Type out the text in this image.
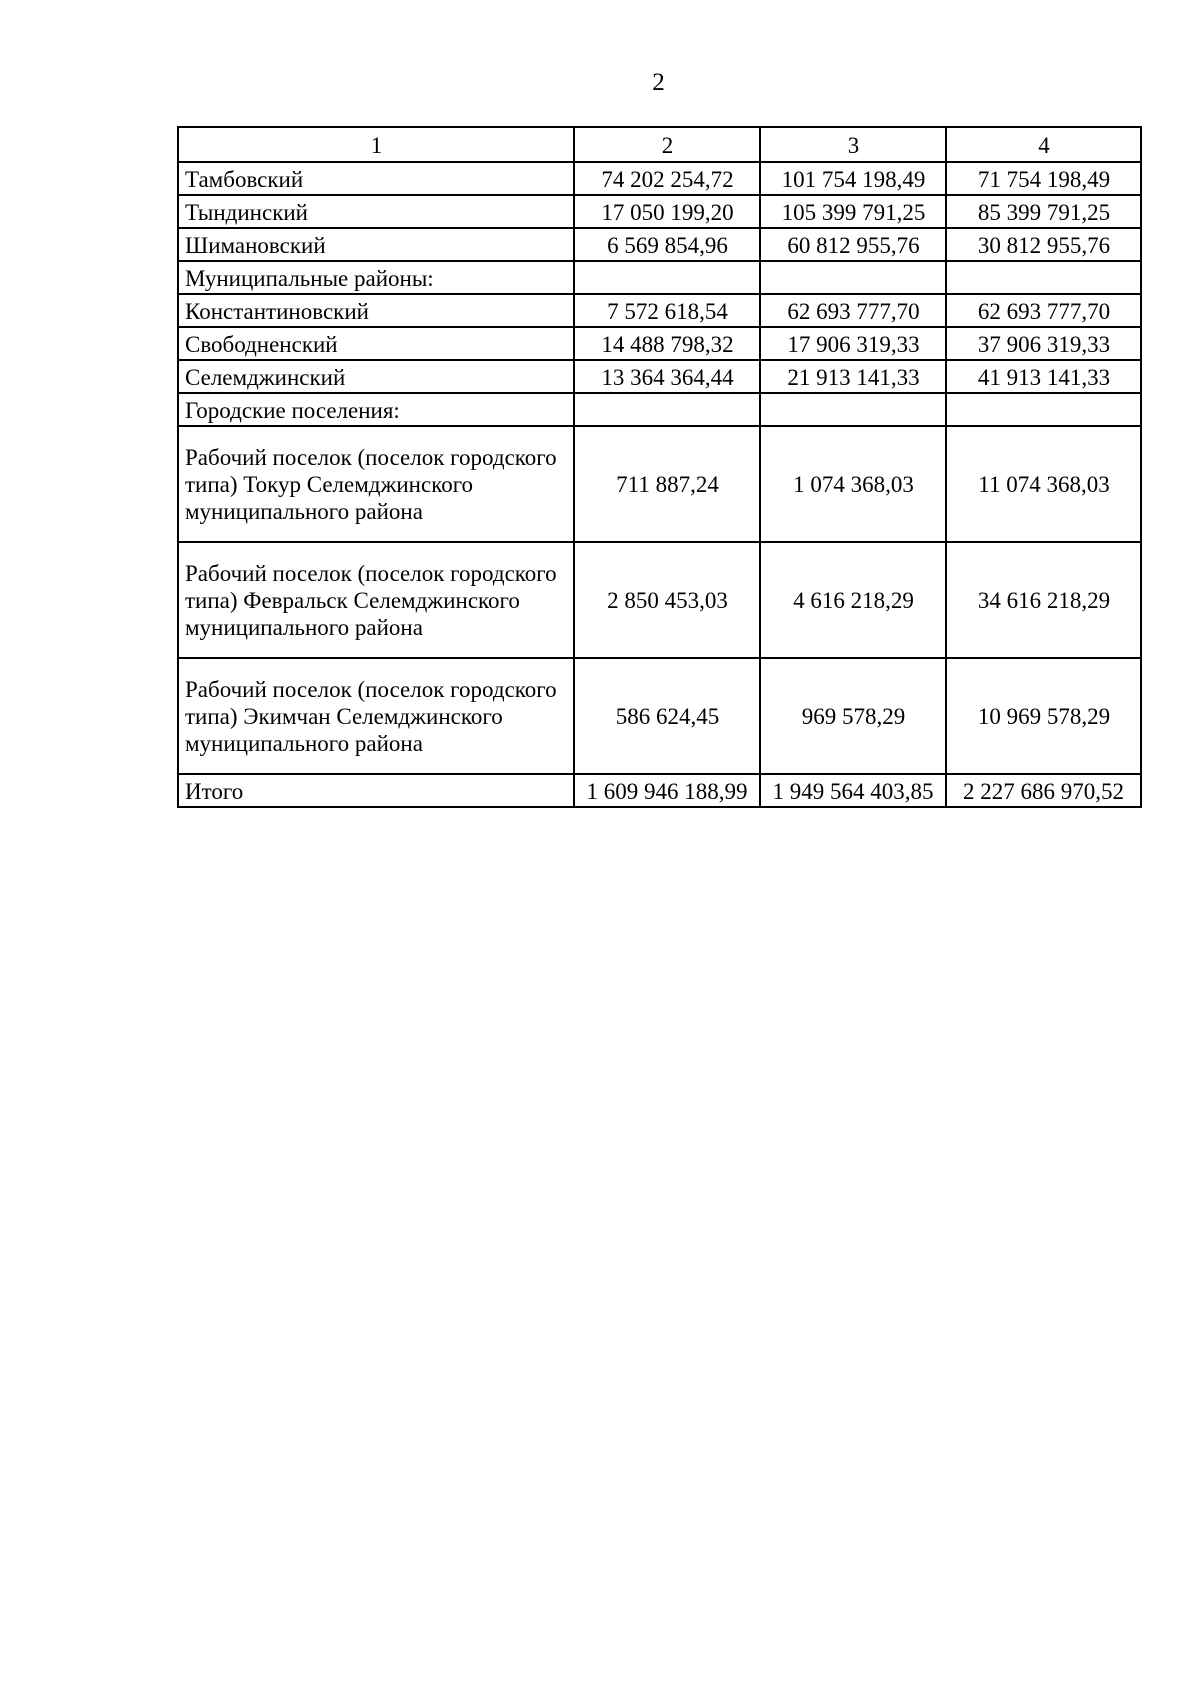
2
1	2	3	4
Тамбовский	74 202 254,72	101 754 198,49	71 754 198,49
Тындинский	17 050 199,20	105 399 791,25	85 399 791,25
Шимановский	6 569 854,96	60 812 955,76	30 812 955,76
Муниципальные районы:			
Константиновский	7 572 618,54	62 693 777,70	62 693 777,70
Свободненский	14 488 798,32	17 906 319,33	37 906 319,33
Селемджинский	13 364 364,44	21 913 141,33	41 913 141,33
Городские поселения:			
Рабочий поселок (поселок городского типа) Токур Селемджинского муниципального района	711 887,24	1 074 368,03	11 074 368,03
Рабочий поселок (поселок городского типа) Февральск Селемджинского муниципального района	2 850 453,03	4 616 218,29	34 616 218,29
Рабочий поселок (поселок городского типа) Экимчан Селемджинского муниципального района	586 624,45	969 578,29	10 969 578,29
Итого	1 609 946 188,99	1 949 564 403,85	2 227 686 970,52
